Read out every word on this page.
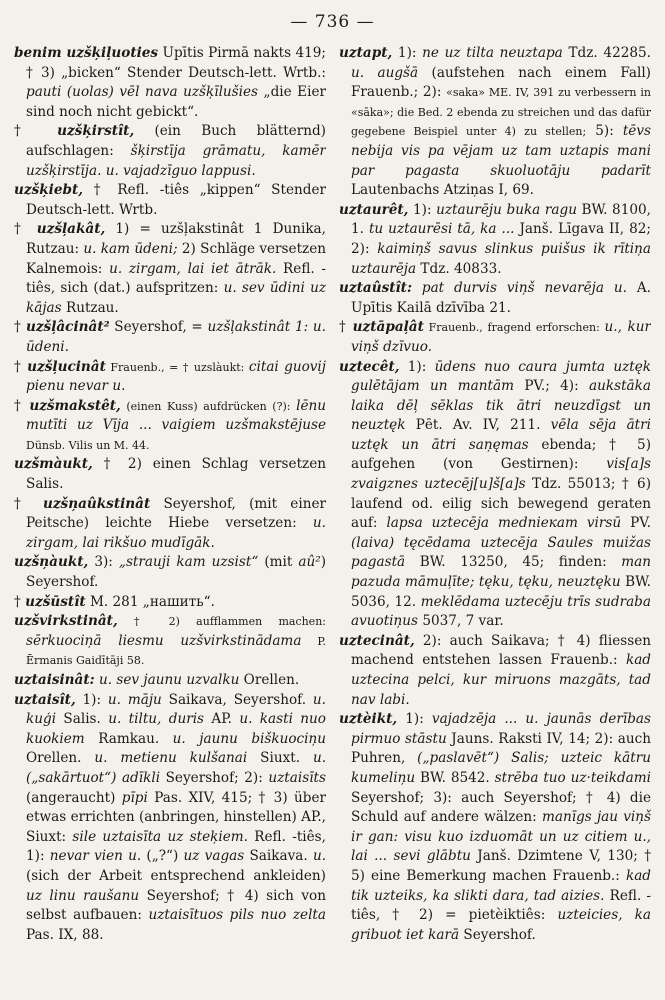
— 736 —

benim uzšķiļuoties Upītis Pirmā nakts 419; † 3) „bicken“ Stender Deutsch-lett. Wrtb.: pauti (uolas) vēl nava uzšķīlušies „die Eier sind noch nicht gebickt“.

† uzšķirstît, (ein Buch blätternd) aufschlagen: šķirstīja grāmatu, kamēr uzšķirstīja. u. vajadzīguo lappusi.

uzšķiebt, † Refl. -tiês „kippen“ Stender Deutsch-lett. Wrtb.

† uzšļakât, 1) = uzšļakstinât 1 Dunika, Rutzau: u. kam ūdeni; 2) Schläge versetzen Kalnemois: u. zirgam, lai iet ātrāk. Refl. -tiês, sich (dat.) aufspritzen: u. sev ūdini uz kājas Rutzau.

† uzšļâcinât² Seyershof, = uzšļakstinât 1: u. ūdeni.

† uzšļucinât Frauenb., = † uzslàukt: citai guovij pienu nevar u.

† uzšmakstêt, (einen Kuss) aufdrücken (?): lēnu mutīti uz Vīja ... vaigiem uzšmakstējuse Dünsb. Vilis un M. 44.

uzšmàukt, † 2) einen Schlag versetzen Salis.

† uzšņaûkstinât Seyershof, (mit einer Peitsche) leichte Hiebe versetzen: u. zirgam, lai rikšuo mudīgāk.

uzšņàukt, 3): „strauji kam uzsist“ (mit aû²) Seyershof.

† uzšūstît M. 281 „нашить“.

uzšvirkstinât, † 2) aufflammen machen: sērkuociņā liesmu uzšvirkstinādama P. Ērmanis Gaidītāji 58.

uztaisinât: u. sev jaunu uzvalku Orellen.

uztaisît, 1): u. māju Saikava, Seyershof. u. kuģi Salis. u. tiltu, duris AP. u. kasti nuo kuokiem Ramkau. u. jaunu biškuociņu Orellen. u. metienu kulšanai Siuxt. u. („sakārtuot“) adīkli Seyershof; 2): uztaisīts (angeraucht) pīpi Pas. XIV, 415; † 3) über etwas errichten (anbringen, hinstellen) AP., Siuxt: sile uztaisīta uz steķiem. Refl. -tiês, 1): nevar vien u. („?“) uz vagas Saikava. u. (sich der Arbeit entsprechend ankleiden) uz linu raušanu Seyershof; † 4) sich von selbst aufbauen: uztaisītuos pils nuo zelta Pas. IX, 88.

uztapt, 1): ne uz tilta neuztapa Tdz. 42285. u. augšā (aufstehen nach einem Fall) Frauenb.; 2): «saka» ME. IV, 391 zu verbessern in «sāka»; die Bed. 2 ebenda zu streichen und das dafür gegebene Beispiel unter 4) zu stellen; 5): tēvs nebija vis pa vējam uz tam uztapis mani par pagasta skuoluotāju padarīt Lautenbachs Atziņas I, 69.

uztaurêt, 1): uztaurēju buka ragu BW. 8100, 1. tu uztaurēsi tā, ka ... Janš. Līgava II, 82; 2): kaimiņš savus slinkus puišus ik rītiņa uztaurēja Tdz. 40833.

uztaûstît: pat durvis viņš nevarēja u. A. Upītis Kailā dzīvība 21.

† uztāpaļât Frauenb., fragend erforschen: u., kur viņš dzīvuo.

uztecêt, 1): ūdens nuo caura jumta uztęk gulētājam un mantām PV.; 4): aukstāka laika dēļ sēklas tik ātri neuzdīgst un neuztęk Pēt. Av. IV, 211. vēla sēja ātri uztęk un ātri saņęmas ebenda; † 5) aufgehen (von Gestirnen): vis[a]s zvaigznes uztecēj[u]š[a]s Tdz. 55013; † 6) laufend od. eilig sich bewegend geraten auf: lapsa uztecēja mednieкam virsū PV. (laiva) tęcēdama uztecēja Saules muižas pagastā BW. 13250, 45; finden: man pazuda māmuļīte; tęku, tęku, neuztęku BW. 5036, 12. meklēdama uztecēju trīs sudraba avuotiņus 5037, 7 var.

uztecinât, 2): auch Saikava; † 4) fliessen machend entstehen lassen Frauenb.: kad uztecina pelci, kur miruons mazgāts, tad nav labi.

uztèikt, 1): vajadzēja ... u. jaunās derības pirmuo stāstu Jauns. Raksti IV, 14; 2): auch Puhren, („paslavēt“) Salis; uzteic kātru kumeliņu BW. 8542. strēba tuo uz·teikdami Seyershof; 3): auch Seyershof; † 4) die Schuld auf andere wälzen: manīgs jau viņš ir gan: visu kuo izduomāt un uz citiem u., lai ... sevi glābtu Janš. Dzimtene V, 130; † 5) eine Bemerkung machen Frauenb.: kad tik uzteiks, ka slikti dara, tad aizies. Refl. -tiês, † 2) = pietèiktiês: uzteicies, ka gribuot iet karā Seyershof.
